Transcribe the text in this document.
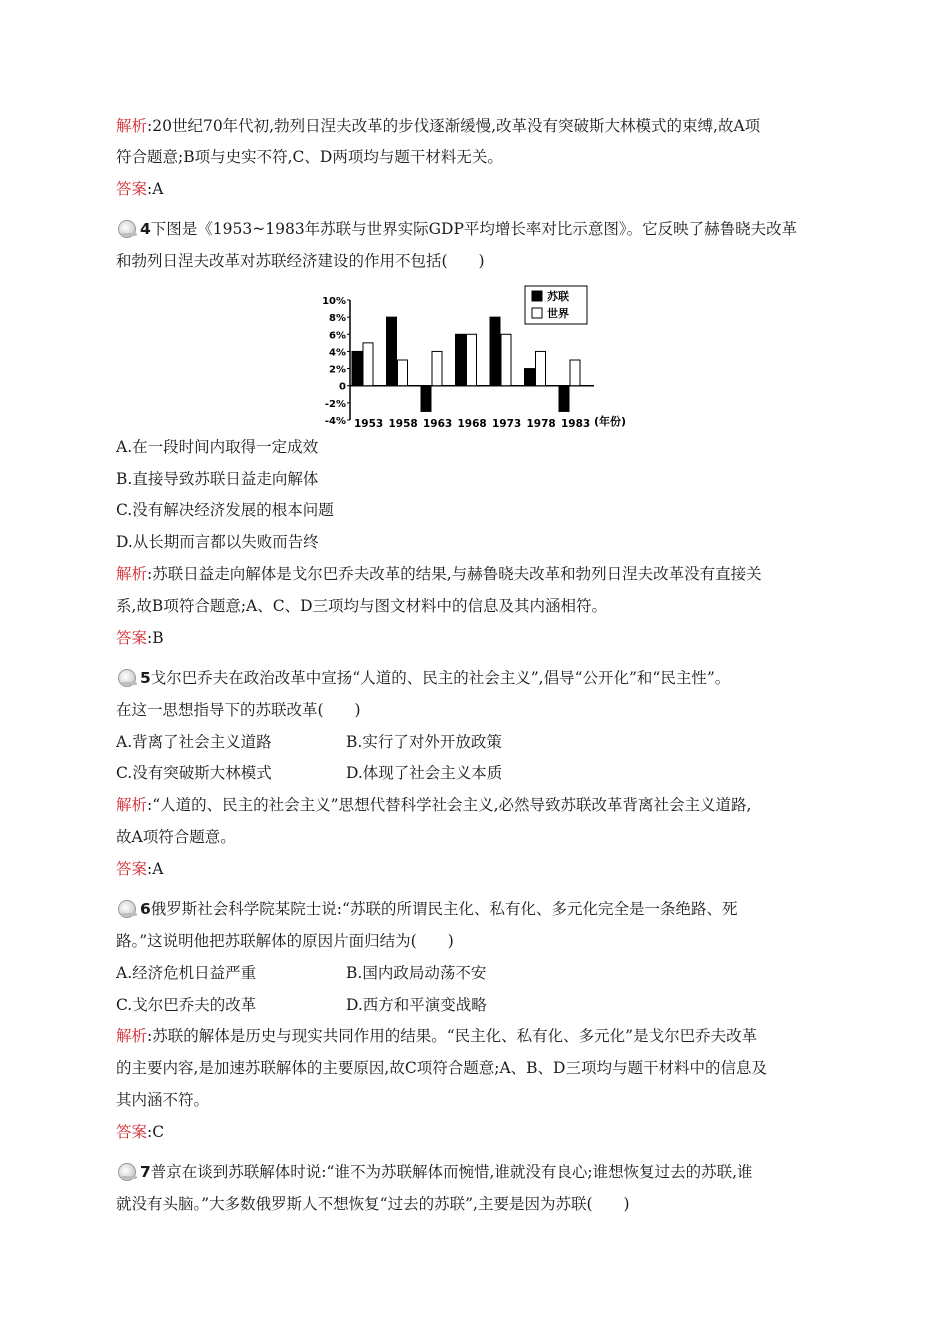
解析:20世纪70年代初,勃列日涅夫改革的步伐逐渐缓慢,改革没有突破斯大林模式的束缚,故A项
符合题意;B项与史实不符,C、D两项均与题干材料无关。
答案:A
4下图是《1953~1983年苏联与世界实际GDP平均增长率对比示意图》。它反映了赫鲁晓夫改革
和勃列日涅夫改革对苏联经济建设的作用不包括(　　)
10%
8%
6%
4%
2%
0
-2%
-4% 1953 1958 1963 1968 1973 1978 1983 (年份)
苏联
世界
A.在一段时间内取得一定成效
B.直接导致苏联日益走向解体
C.没有解决经济发展的根本问题
D.从长期而言都以失败而告终
解析:苏联日益走向解体是戈尔巴乔夫改革的结果,与赫鲁晓夫改革和勃列日涅夫改革没有直接关
系,故B项符合题意;A、C、D三项均与图文材料中的信息及其内涵相符。
答案:B
5戈尔巴乔夫在政治改革中宣扬“人道的、民主的社会主义”,倡导“公开化”和“民主性”。
在这一思想指导下的苏联改革(　　)
A.背离了社会主义道路	B.实行了对外开放政策
C.没有突破斯大林模式	D.体现了社会主义本质
解析:“人道的、民主的社会主义”思想代替科学社会主义,必然导致苏联改革背离社会主义道路,
故A项符合题意。
答案:A
6俄罗斯社会科学院某院士说:“苏联的所谓民主化、私有化、多元化完全是一条绝路、死
路。”这说明他把苏联解体的原因片面归结为(　　)
A.经济危机日益严重	B.国内政局动荡不安
C.戈尔巴乔夫的改革	D.西方和平演变战略
解析:苏联的解体是历史与现实共同作用的结果。“民主化、私有化、多元化”是戈尔巴乔夫改革
的主要内容,是加速苏联解体的主要原因,故C项符合题意;A、B、D三项均与题干材料中的信息及
其内涵不符。
答案:C
7普京在谈到苏联解体时说:“谁不为苏联解体而惋惜,谁就没有良心;谁想恢复过去的苏联,谁
就没有头脑。”大多数俄罗斯人不想恢复“过去的苏联”,主要是因为苏联(　　)
